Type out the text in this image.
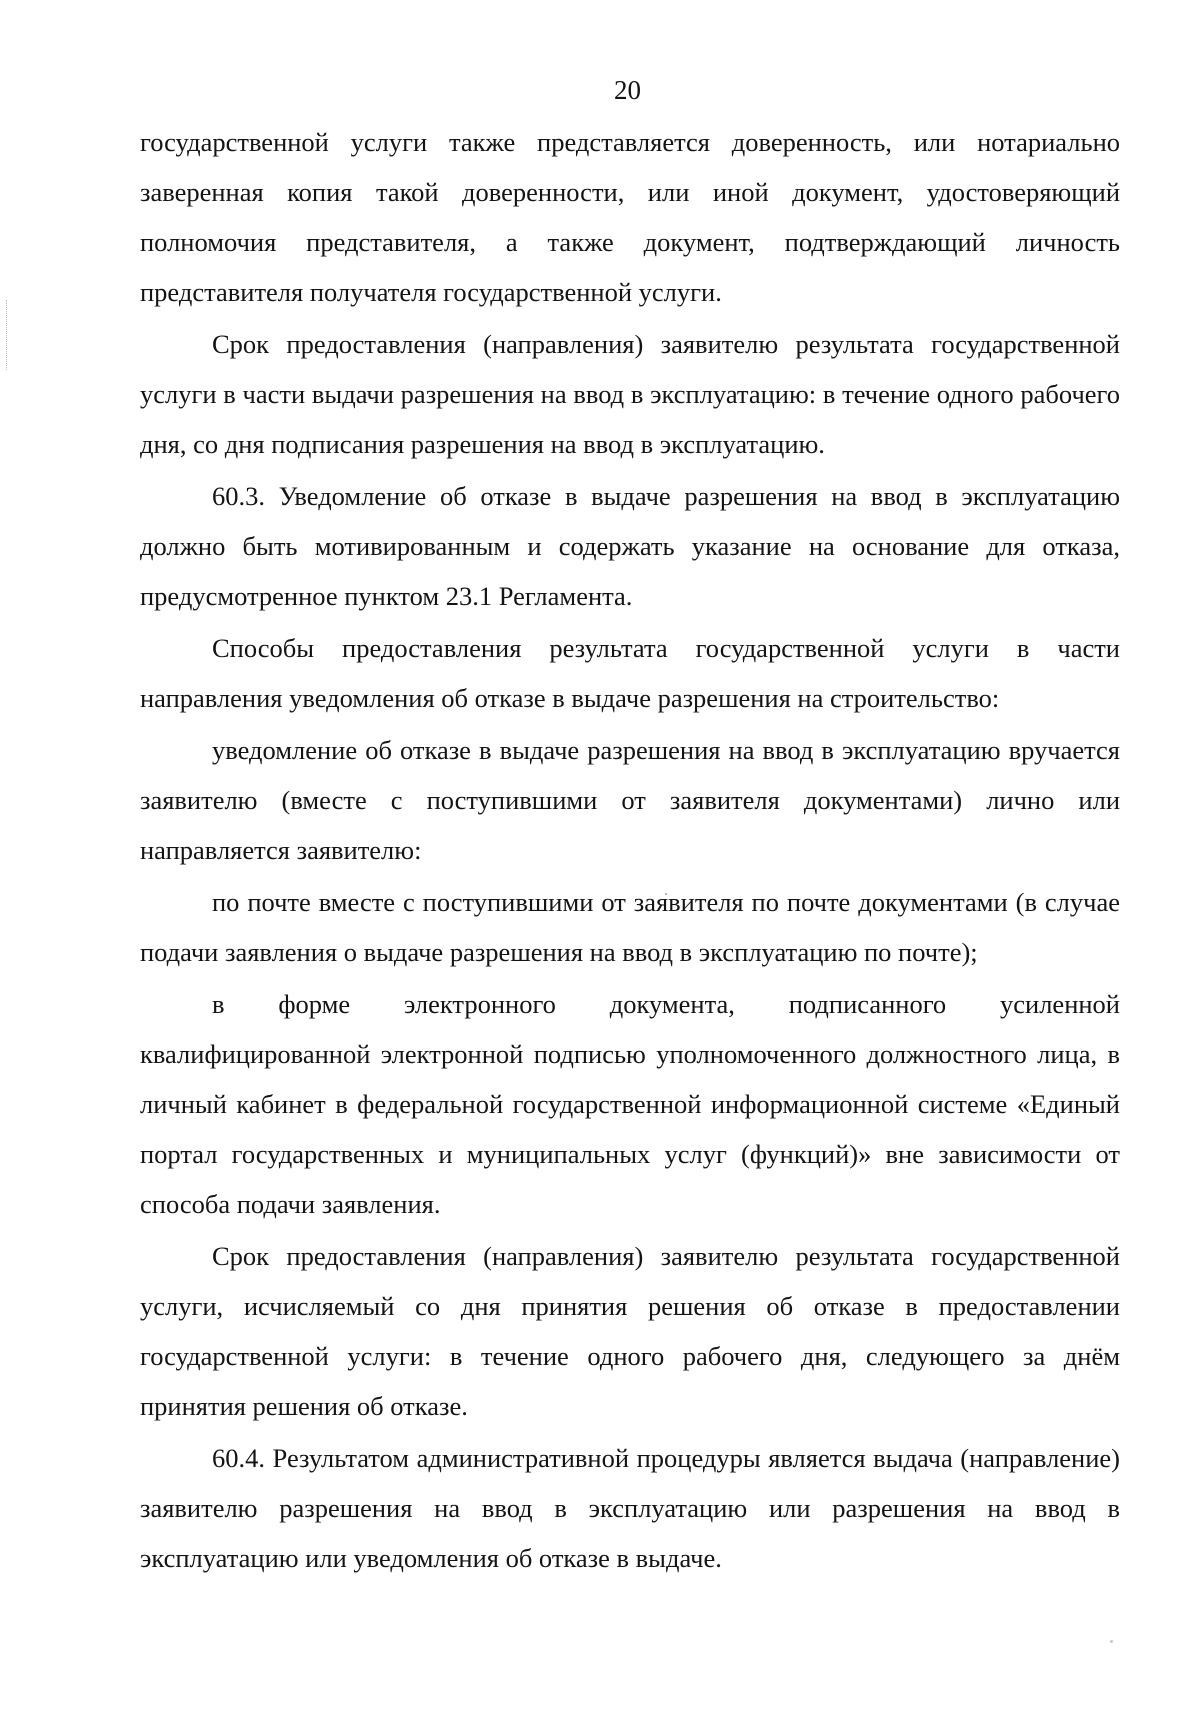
20

государственной услуги также представляется доверенность, или нотариально заверенная копия такой доверенности, или иной документ, удостоверяющий полномочия представителя, а также документ, подтверждающий личность представителя получателя государственной услуги.

Срок предоставления (направления) заявителю результата государственной услуги в части выдачи разрешения на ввод в эксплуатацию: в течение одного рабочего дня, со дня подписания разрешения на ввод в эксплуатацию.

60.3. Уведомление об отказе в выдаче разрешения на ввод в эксплуатацию должно быть мотивированным и содержать указание на основание для отказа, предусмотренное пунктом 23.1 Регламента.

Способы предоставления результата государственной услуги в части направления уведомления об отказе в выдаче разрешения на строительство:

уведомление об отказе в выдаче разрешения на ввод в эксплуатацию вручается заявителю (вместе с поступившими от заявителя документами) лично или направляется заявителю:

по почте вместе с поступившими от заявителя по почте документами (в случае подачи заявления о выдаче разрешения на ввод в эксплуатацию по почте);

в форме электронного документа, подписанного усиленной квалифицированной электронной подписью уполномоченного должностного лица, в личный кабинет в федеральной государственной информационной системе «Единый портал государственных и муниципальных услуг (функций)» вне зависимости от способа подачи заявления.

Срок предоставления (направления) заявителю результата государственной услуги, исчисляемый со дня принятия решения об отказе в предоставлении государственной услуги: в течение одного рабочего дня, следующего за днём принятия решения об отказе.

60.4. Результатом административной процедуры является выдача (направление) заявителю разрешения на ввод в эксплуатацию или разрешения на ввод в эксплуатацию или уведомления об отказе в выдаче.
